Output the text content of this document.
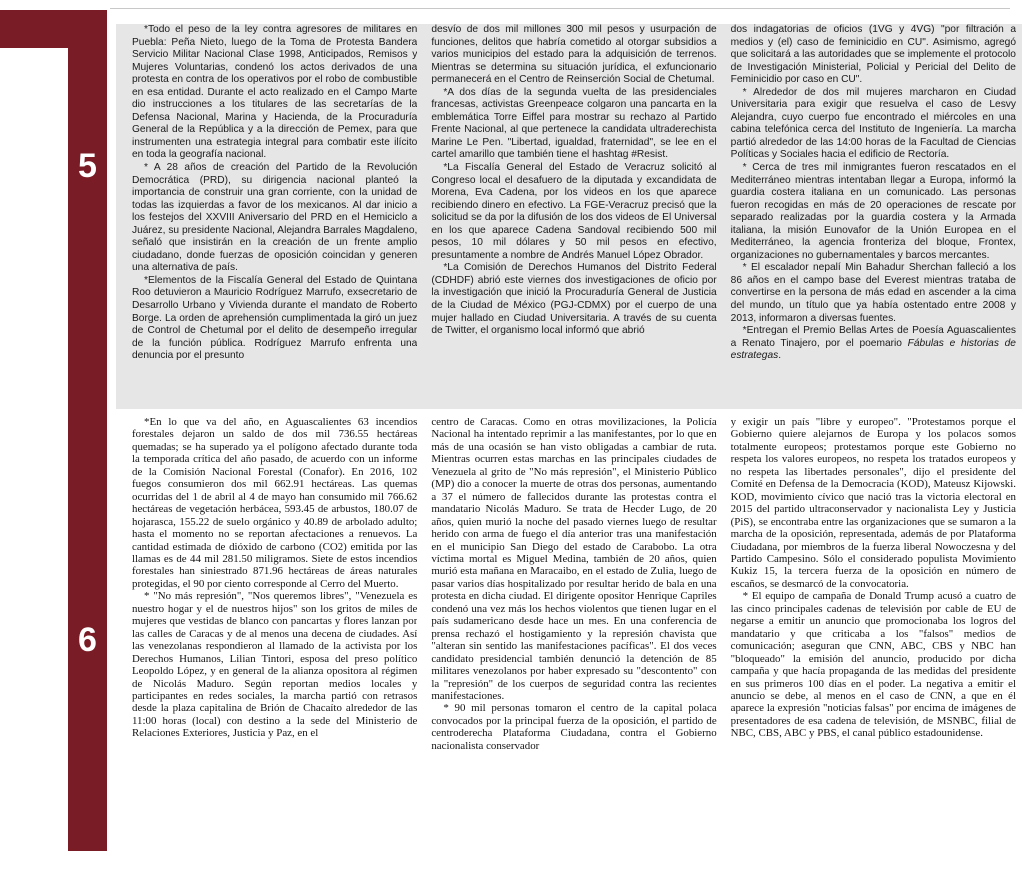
5
6

*Todo el peso de la ley contra agresores de militares en Puebla: Peña Nieto, luego de la Toma de Protesta Bandera Servicio Militar Nacional Clase 1998, Anticipados, Remisos y Mujeres Voluntarias, condenó los actos derivados de una protesta en contra de los operativos por el robo de combustible en esa entidad. Durante el acto realizado en el Campo Marte dio instrucciones a los titulares de las secretarías de la Defensa Nacional, Marina y Hacienda, de la Procuraduría General de la República y a la dirección de Pemex, para que instrumenten una estrategia integral para combatir este ilícito en toda la geografía nacional.

* A 28 años de creación del Partido de la Revolución Democrática (PRD), su dirigencia nacional planteó la importancia de construir una gran corriente, con la unidad de todas las izquierdas a favor de los mexicanos. Al dar inicio a los festejos del XXVIII Aniversario del PRD en el Hemiciclo a Juárez, su presidente Nacional, Alejandra Barrales Magdaleno, señaló que insistirán en la creación de un frente amplio ciudadano, donde fuerzas de oposición coincidan y generen una alternativa de país.

*Elementos de la Fiscalía General del Estado de Quintana Roo detuvieron a Mauricio Rodríguez Marrufo, exsecretario de Desarrollo Urbano y Vivienda durante el mandato de Roberto Borge. La orden de aprehensión cumplimentada la giró un juez de Control de Chetumal por el delito de desempeño irregular de la función pública. Rodríguez Marrufo enfrenta una denuncia por el presunto

desvío de dos mil millones 300 mil pesos y usurpación de funciones, delitos que habría cometido al otorgar subsidios a varios municipios del estado para la adquisición de terrenos. Mientras se determina su situación jurídica, el exfuncionario permanecerá en el Centro de Reinserción Social de Chetumal.

*A dos días de la segunda vuelta de las presidenciales francesas, activistas Greenpeace colgaron una pancarta en la emblemática Torre Eiffel para mostrar su rechazo al Partido Frente Nacional, al que pertenece la candidata ultraderechista Marine Le Pen. "Libertad, igualdad, fraternidad", se lee en el cartel amarillo que también tiene el hashtag #Resist.

*La Fiscalía General del Estado de Veracruz solicitó al Congreso local el desafuero de la diputada y excandidata de Morena, Eva Cadena, por los videos en los que aparece recibiendo dinero en efectivo. La FGE-Veracruz precisó que la solicitud se da por la difusión de los dos videos de El Universal en los que aparece Cadena Sandoval recibiendo 500 mil pesos, 10 mil dólares y 50 mil pesos en efectivo, presuntamente a nombre de Andrés Manuel López Obrador.

*La Comisión de Derechos Humanos del Distrito Federal (CDHDF) abrió este viernes dos investigaciones de oficio por la investigación que inició la Procuraduría General de Justicia de la Ciudad de México (PGJ-CDMX) por el cuerpo de una mujer hallado en Ciudad Universitaria. A través de su cuenta de Twitter, el organismo local informó que abrió

dos indagatorias de oficios (1VG y 4VG) "por filtración a medios y (el) caso de feminicidio en CU". Asimismo, agregó que solicitará a las autoridades que se implemente el protocolo de Investigación Ministerial, Policial y Pericial del Delito de Feminicidio por caso en CU".

* Alrededor de dos mil mujeres marcharon en Ciudad Universitaria para exigir que resuelva el caso de Lesvy Alejandra, cuyo cuerpo fue encontrado el miércoles en una cabina telefónica cerca del Instituto de Ingeniería. La marcha partió alrededor de las 14:00 horas de la Facultad de Ciencias Políticas y Sociales hacia el edificio de Rectoría.

* Cerca de tres mil inmigrantes fueron rescatados en el Mediterráneo mientras intentaban llegar a Europa, informó la guardia costera italiana en un comunicado. Las personas fueron recogidas en más de 20 operaciones de rescate por separado realizadas por la guardia costera y la Armada italiana, la misión Eunovafor de la Unión Europea en el Mediterráneo, la agencia fronteriza del bloque, Frontex, organizaciones no gubernamentales y barcos mercantes.

* El escalador nepalí Min Bahadur Sherchan falleció a los 86 años en el campo base del Everest mientras trataba de convertirse en la persona de más edad en ascender a la cima del mundo, un título que ya había ostentado entre 2008 y 2013, informaron a diversas fuentes.

*Entregan el Premio Bellas Artes de Poesía Aguascalientes a Renato Tinajero, por el poemario Fábulas e historias de estrategas.

*En lo que va del año, en Aguascalientes 63 incendios forestales dejaron un saldo de dos mil 736.55 hectáreas quemadas; se ha superado ya el polígono afectado durante toda la temporada crítica del año pasado, de acuerdo con un informe de la Comisión Nacional Forestal (Conafor). En 2016, 102 fuegos consumieron dos mil 662.91 hectáreas. Las quemas ocurridas del 1 de abril al 4 de mayo han consumido mil 766.62 hectáreas de vegetación herbácea, 593.45 de arbustos, 180.07 de hojarasca, 155.22 de suelo orgánico y 40.89 de arbolado adulto; hasta el momento no se reportan afectaciones a renuevos. La cantidad estimada de dióxido de carbono (CO2) emitida por las llamas es de 44 mil 281.50 miligramos. Siete de estos incendios forestales han siniestrado 871.96 hectáreas de áreas naturales protegidas, el 90 por ciento corresponde al Cerro del Muerto.

* "No más represión", "Nos queremos libres", "Venezuela es nuestro hogar y el de nuestros hijos" son los gritos de miles de mujeres que vestidas de blanco con pancartas y flores lanzan por las calles de Caracas y de al menos una decena de ciudades. Así las venezolanas respondieron al llamado de la activista por los Derechos Humanos, Lilian Tintori, esposa del preso político Leopoldo López, y en general de la alianza opositora al régimen de Nicolás Maduro. Según reportan medios locales y participantes en redes sociales, la marcha partió con retrasos desde la plaza capitalina de Brión de Chacaíto alrededor de las 11:00 horas (local) con destino a la sede del Ministerio de Relaciones Exteriores, Justicia y Paz, en el

centro de Caracas. Como en otras movilizaciones, la Policía Nacional ha intentado reprimir a las manifestantes, por lo que en más de una ocasión se han visto obligadas a cambiar de ruta. Mientras ocurren estas marchas en las principales ciudades de Venezuela al grito de "No más represión", el Ministerio Público (MP) dio a conocer la muerte de otras dos personas, aumentando a 37 el número de fallecidos durante las protestas contra el mandatario Nicolás Maduro. Se trata de Hecder Lugo, de 20 años, quien murió la noche del pasado viernes luego de resultar herido con arma de fuego el día anterior tras una manifestación en el municipio San Diego del estado de Carabobo. La otra víctima mortal es Miguel Medina, también de 20 años, quien murió esta mañana en Maracaibo, en el estado de Zulia, luego de pasar varios días hospitalizado por resultar herido de bala en una protesta en dicha ciudad. El dirigente opositor Henrique Capriles condenó una vez más los hechos violentos que tienen lugar en el país sudamericano desde hace un mes. En una conferencia de prensa rechazó el hostigamiento y la represión chavista que "alteran sin sentido las manifestaciones pacíficas". El dos veces candidato presidencial también denunció la detención de 85 militares venezolanos por haber expresado su "descontento" con la "represión" de los cuerpos de seguridad contra las recientes manifestaciones.

* 90 mil personas tomaron el centro de la capital polaca convocados por la principal fuerza de la oposición, el partido de centroderecha Plataforma Ciudadana, contra el Gobierno nacionalista conservador

y exigir un país "libre y europeo". "Protestamos porque el Gobierno quiere alejarnos de Europa y los polacos somos totalmente europeos; protestamos porque este Gobierno no respeta los valores europeos, no respeta los tratados europeos y no respeta las libertades personales", dijo el presidente del Comité en Defensa de la Democracia (KOD), Mateusz Kijowski. KOD, movimiento cívico que nació tras la victoria electoral en 2015 del partido ultraconservador y nacionalista Ley y Justicia (PiS), se encontraba entre las organizaciones que se sumaron a la marcha de la oposición, representada, además de por Plataforma Ciudadana, por miembros de la fuerza liberal Nowoczesna y del Partido Campesino. Sólo el considerado populista Movimiento Kukiz 15, la tercera fuerza de la oposición en número de escaños, se desmarcó de la convocatoria.

* El equipo de campaña de Donald Trump acusó a cuatro de las cinco principales cadenas de televisión por cable de EU de negarse a emitir un anuncio que promocionaba los logros del mandatario y que criticaba a los "falsos" medios de comunicación; aseguran que CNN, ABC, CBS y NBC han "bloqueado" la emisión del anuncio, producido por dicha campaña y que hacía propaganda de las medidas del presidente en sus primeros 100 días en el poder. La negativa a emitir el anuncio se debe, al menos en el caso de CNN, a que en él aparece la expresión "noticias falsas" por encima de imágenes de presentadores de esa cadena de televisión, de MSNBC, filial de NBC, CBS, ABC y PBS, el canal público estadounidense.
